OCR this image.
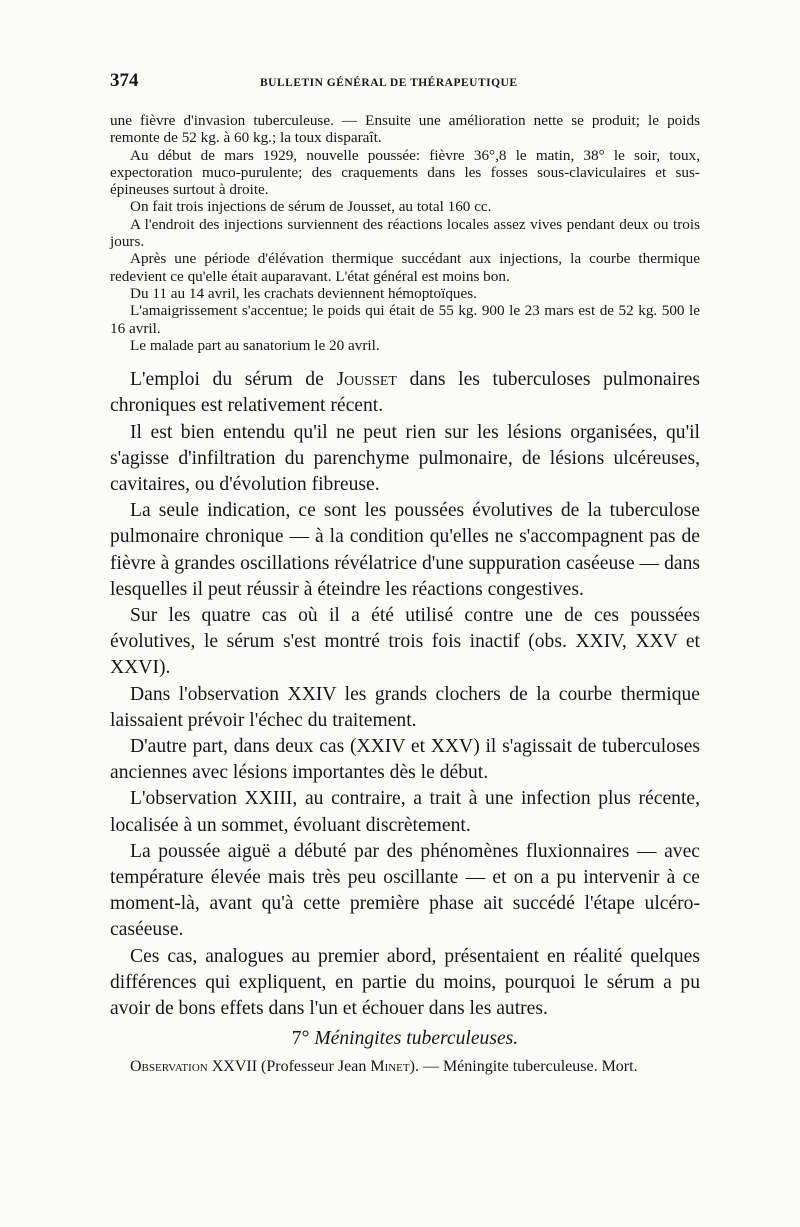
374	BULLETIN GÉNÉRAL DE THÉRAPEUTIQUE

une fièvre d'invasion tuberculeuse. — Ensuite une amélioration nette se produit; le poids remonte de 52 kg. à 60 kg.; la toux disparaît.

Au début de mars 1929, nouvelle poussée: fièvre 36°,8 le matin, 38° le soir, toux, expectoration muco-purulente; des craquements dans les fosses sous-claviculaires et sus-épineuses surtout à droite.

On fait trois injections de sérum de Jousset, au total 160 cc.

A l'endroit des injections surviennent des réactions locales assez vives pendant deux ou trois jours.

Après une période d'élévation thermique succédant aux injections, la courbe thermique redevient ce qu'elle était auparavant. L'état général est moins bon.

Du 11 au 14 avril, les crachats deviennent hémoptoïques.

L'amaigrissement s'accentue; le poids qui était de 55 kg. 900 le 23 mars est de 52 kg. 500 le 16 avril.

Le malade part au sanatorium le 20 avril.

L'emploi du sérum de Jousset dans les tuberculoses pulmonaires chroniques est relativement récent.

Il est bien entendu qu'il ne peut rien sur les lésions organisées, qu'il s'agisse d'infiltration du parenchyme pulmonaire, de lésions ulcéreuses, cavitaires, ou d'évolution fibreuse.

La seule indication, ce sont les poussées évolutives de la tuberculose pulmonaire chronique — à la condition qu'elles ne s'accompagnent pas de fièvre à grandes oscillations révélatrice d'une suppuration caséeuse — dans lesquelles il peut réussir à éteindre les réactions congestives.

Sur les quatre cas où il a été utilisé contre une de ces poussées évolutives, le sérum s'est montré trois fois inactif (obs. XXIV, XXV et XXVI).

Dans l'observation XXIV les grands clochers de la courbe thermique laissaient prévoir l'échec du traitement.

D'autre part, dans deux cas (XXIV et XXV) il s'agissait de tuberculoses anciennes avec lésions importantes dès le début.

L'observation XXIII, au contraire, a trait à une infection plus récente, localisée à un sommet, évoluant discrètement.

La poussée aiguë a débuté par des phénomènes fluxionnaires — avec température élevée mais très peu oscillante — et on a pu intervenir à ce moment-là, avant qu'à cette première phase ait succédé l'étape ulcéro-caséeuse.

Ces cas, analogues au premier abord, présentaient en réalité quelques différences qui expliquent, en partie du moins, pourquoi le sérum a pu avoir de bons effets dans l'un et échouer dans les autres.

7° Méningites tuberculeuses.

Observation XXVII (Professeur Jean Minet). — Méningite tuberculeuse. Mort.
